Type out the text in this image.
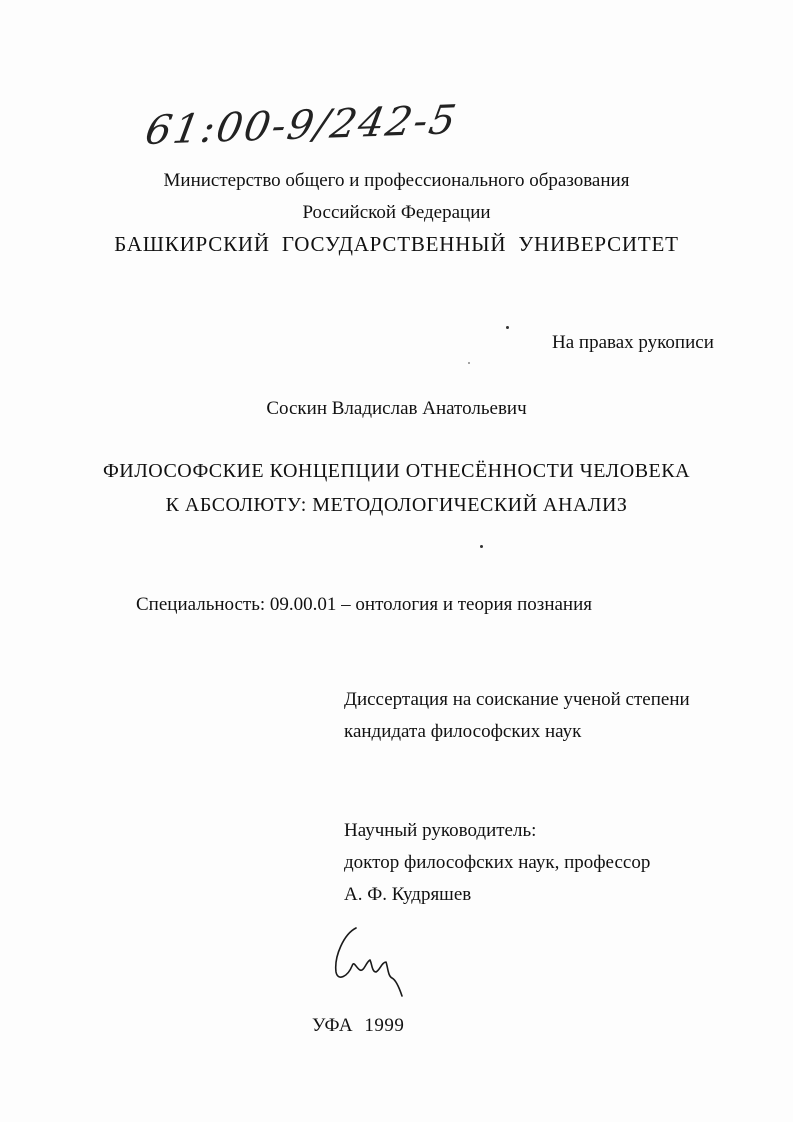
61:00-9/242-5
Министерство общего и профессионального образования
Российской Федерации
БАШКИРСКИЙ ГОСУДАРСТВЕННЫЙ УНИВЕРСИТЕТ
На правах рукописи
Соскин Владислав Анатольевич
ФИЛОСОФСКИЕ КОНЦЕПЦИИ ОТНЕСЁННОСТИ ЧЕЛОВЕКА
К АБСОЛЮТУ: МЕТОДОЛОГИЧЕСКИЙ АНАЛИЗ
Специальность: 09.00.01 – онтология и теория познания
Диссертация на соискание ученой степени
кандидата философских наук
Научный руководитель:
доктор философских наук, профессор
А. Ф. Кудряшев
УФА 1999
